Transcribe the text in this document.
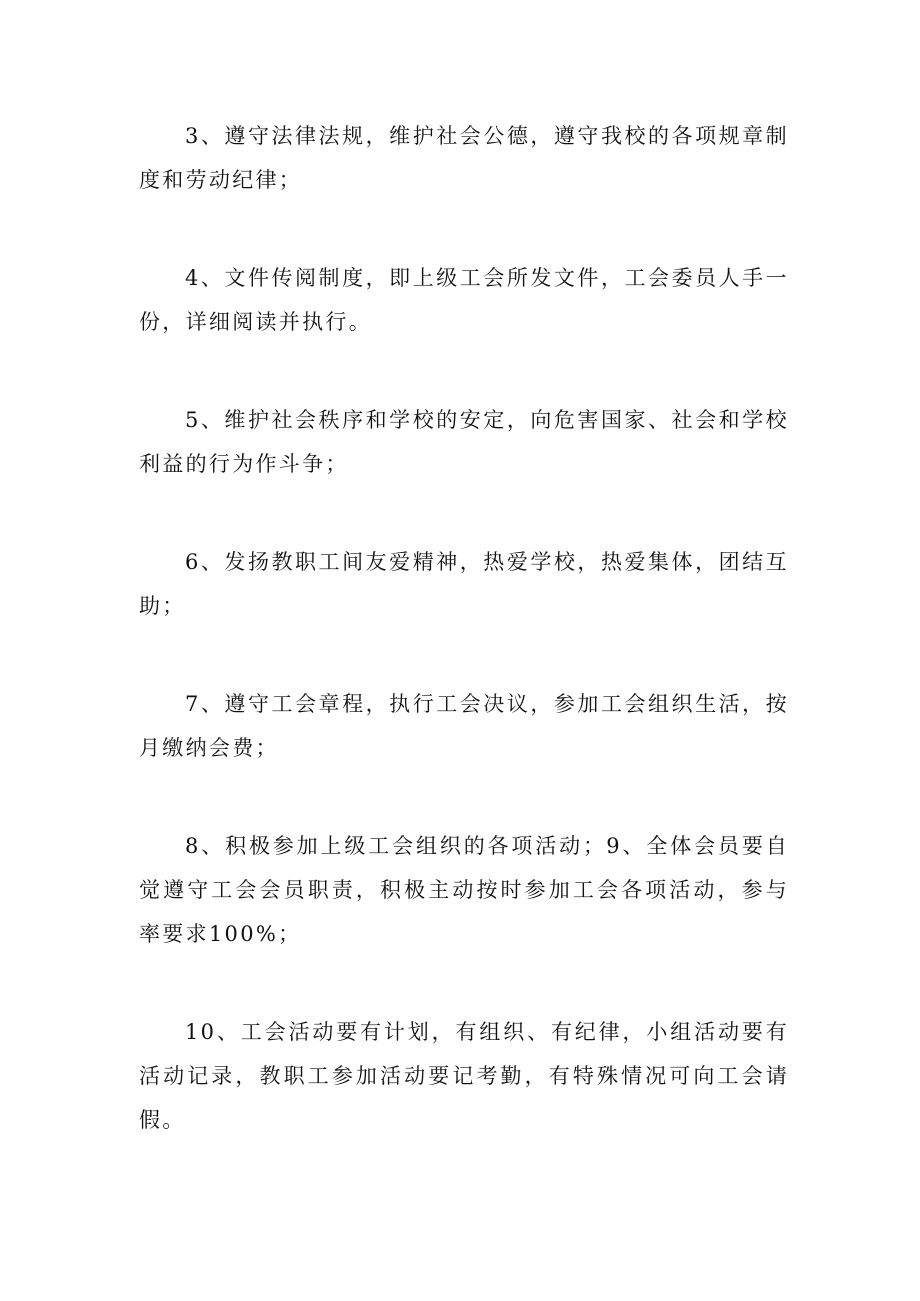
3、遵守法律法规，维护社会公德，遵守我校的各项规章制度和劳动纪律；

4、文件传阅制度，即上级工会所发文件，工会委员人手一份，详细阅读并执行。

5、维护社会秩序和学校的安定，向危害国家、社会和学校利益的行为作斗争；

6、发扬教职工间友爱精神，热爱学校，热爱集体，团结互助；

7、遵守工会章程，执行工会决议，参加工会组织生活，按月缴纳会费；

8、积极参加上级工会组织的各项活动；9、全体会员要自觉遵守工会会员职责，积极主动按时参加工会各项活动，参与率要求100%；

10、工会活动要有计划，有组织、有纪律，小组活动要有活动记录，教职工参加活动要记考勤，有特殊情况可向工会请假。
